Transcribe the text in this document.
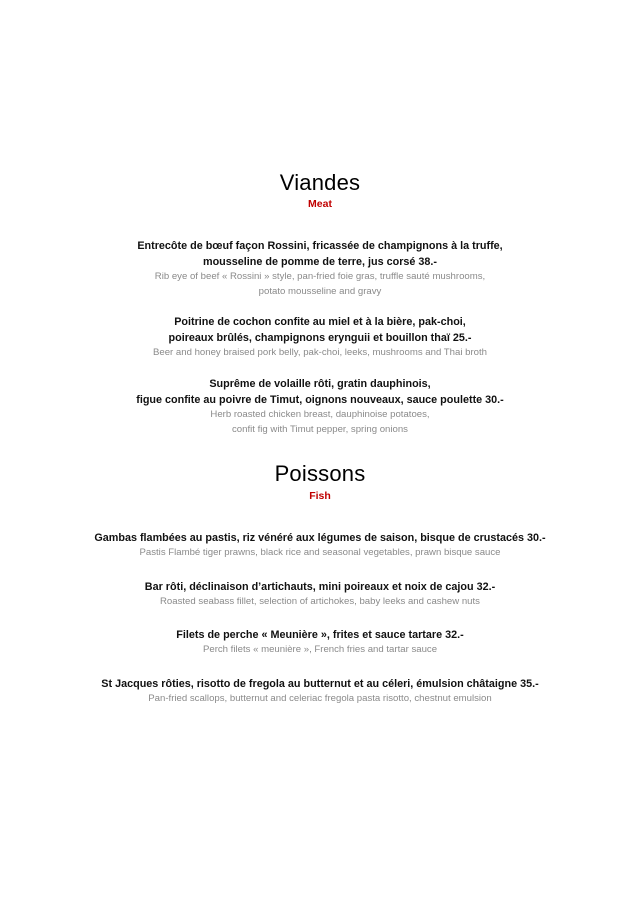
Viandes
Meat
Entrecôte de bœuf façon Rossini, fricassée de champignons à la truffe,
mousseline de pomme de terre, jus corsé 38.-
Rib eye of beef « Rossini » style, pan-fried foie gras, truffle sauté mushrooms,
potato mousseline and gravy
Poitrine de cochon confite au miel et à la bière, pak-choi,
poireaux brûlés, champignons erynguii et bouillon thaï 25.-
Beer and honey braised pork belly, pak-choi, leeks, mushrooms and Thai broth
Suprême de volaille rôti, gratin dauphinois,
figue confite au poivre de Timut, oignons nouveaux, sauce poulette 30.-
Herb roasted chicken breast, dauphinoise potatoes,
confit fig with Timut pepper, spring onions
Poissons
Fish
Gambas flambées au pastis, riz vénéré aux légumes de saison, bisque de crustacés 30.-
Pastis Flambé tiger prawns, black rice and seasonal vegetables, prawn bisque sauce
Bar rôti, déclinaison d’artichauts, mini poireaux et noix de cajou 32.-
Roasted seabass fillet, selection of artichokes, baby leeks and cashew nuts
Filets de perche « Meunière », frites et sauce tartare 32.-
Perch filets « meunière », French fries and tartar sauce
St Jacques rôties, risotto de fregola au butternut et au céleri, émulsion châtaigne 35.-
Pan-fried scallops, butternut and celeriac fregola pasta risotto, chestnut emulsion
